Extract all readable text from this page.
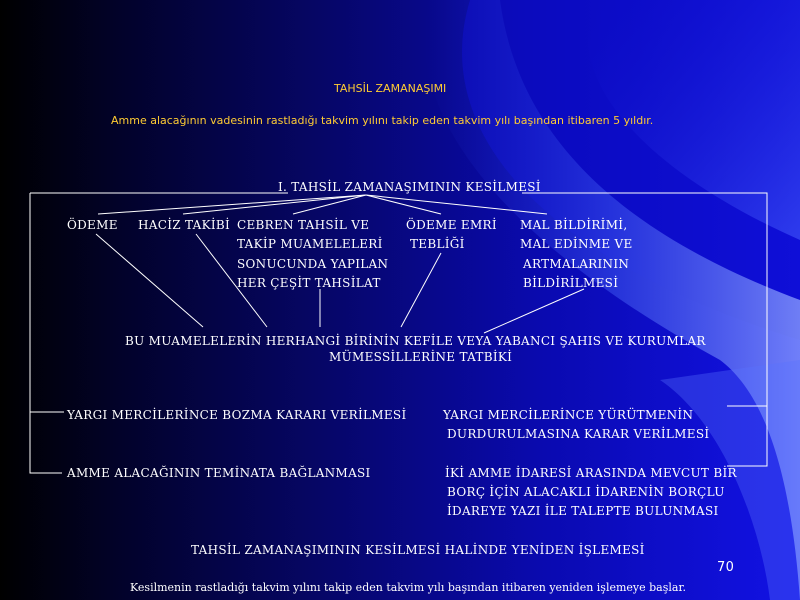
TAHSİL ZAMANAŞIMI
Amme alacağının vadesinin rastladığı takvim yılını takip eden takvim yılı başından itibaren 5 yıldır.
I. TAHSİL ZAMANAŞIMININ KESİLMESİ
ÖDEME HACİZ TAKİBİ CEBREN TAHSİL VE
TAKİP MUAMELELERİ
SONUCUNDA YAPILAN
HER ÇEŞİT TAHSİLAT
ÖDEME EMRİ
TEBLİĞİ
MAL BİLDİRİMİ,
MAL EDİNME VE
ARTMALARININ
BİLDİRİLMESİ
BU MUAMELELERİN HERHANGİ BİRİNİN KEFİLE VEYA YABANCI ŞAHIS VE KURUMLAR
MÜMESSİLLERİNE TATBİKİ
YARGI MERCİLERİNCE BOZMA KARARI VERİLMESİ	YARGI MERCİLERİNCE YÜRÜTMENİN
DURDURULMASINA KARAR VERİLMESİ
AMME ALACAĞININ TEMİNATA BAĞLANMASI	İKİ AMME İDARESİ ARASINDA MEVCUT BİR
BORÇ İÇİN ALACAKLI İDARENİN BORÇLU
İDAREYE YAZI İLE TALEPTE BULUNMASI
TAHSİL ZAMANAŞIMININ KESİLMESİ HALİNDE YENİDEN İŞLEMESİ
70
Kesilmenin rastladığı takvim yılını takip eden takvim yılı başından itibaren yeniden işlemeye başlar.
